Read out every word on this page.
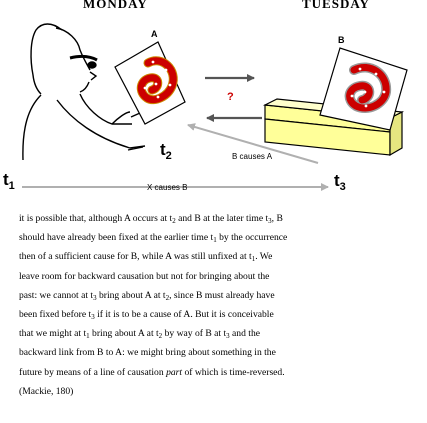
MONDAY	TUESDAY
A
B
?
$t_1$
$t_2$
$t_3$
B causes A
X causes B
it is possible that, although A occurs at $t_2$ and B at the later time $t_3$, B
should have already been fixed at the earlier time $t_1$ by the occurrence
then of a sufficient cause for B, while A was still unfixed at $t_1$. We
leave room for backward causation but not for bringing about the
past: we cannot at $t_3$ bring about A at $t_2$, since B must already have
been fixed before $t_3$ if it is to be a cause of A. But it is conceivable
that we might at $t_1$ bring about A at $t_2$ by way of B at $t_3$ and the
backward link from B to A: we might bring about something in the
future by means of a line of causation part of which is time-reversed.
(Mackie, 180)
